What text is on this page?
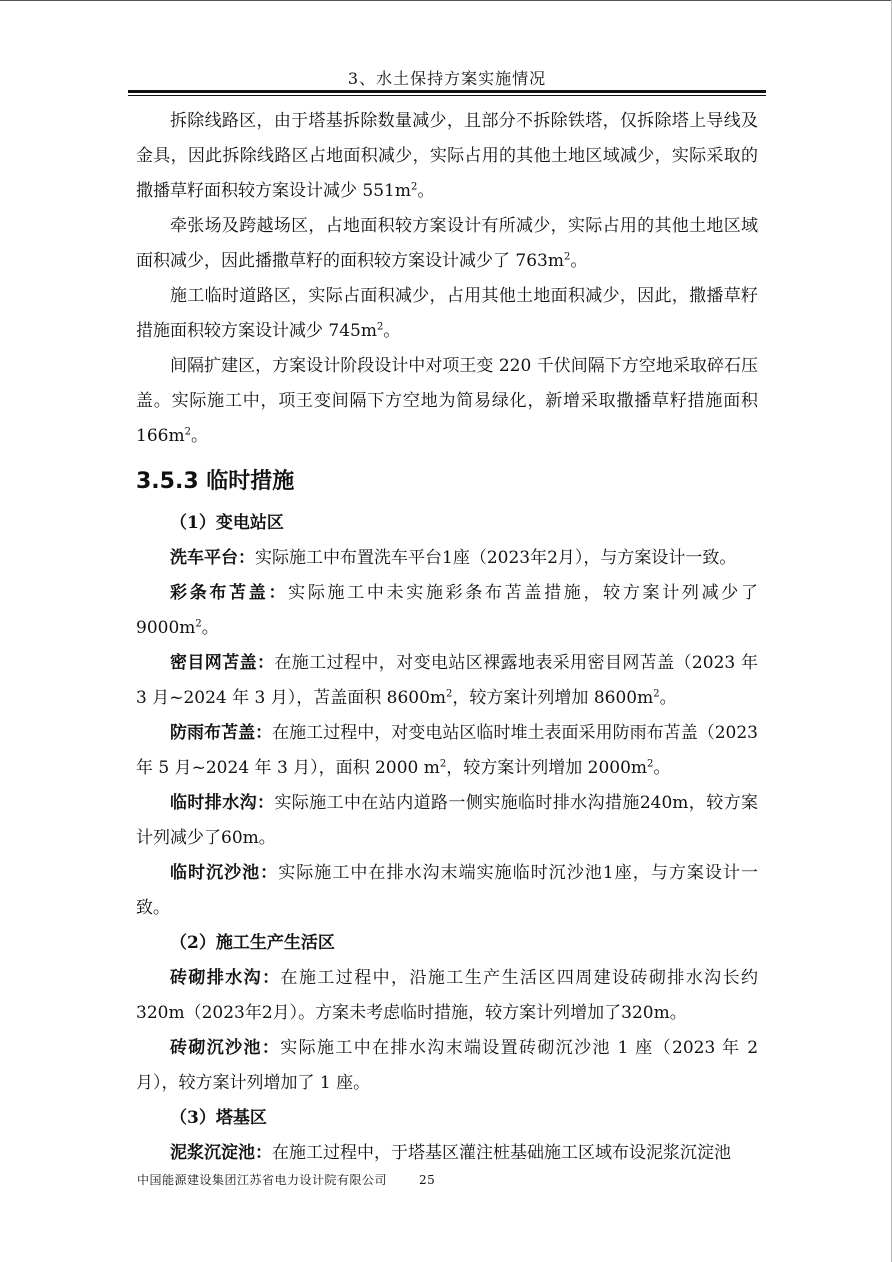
3、水土保持方案实施情况

拆除线路区，由于塔基拆除数量减少，且部分不拆除铁塔，仅拆除塔上导线及金具，因此拆除线路区占地面积减少，实际占用的其他土地区域减少，实际采取的撒播草籽面积较方案设计减少 $551m^2$。

牵张场及跨越场区，占地面积较方案设计有所减少，实际占用的其他土地区域面积减少，因此播撒草籽的面积较方案设计减少了 $763m^2$。

施工临时道路区，实际占面积减少，占用其他土地面积减少，因此，撒播草籽措施面积较方案设计减少 $745m^2$。

间隔扩建区，方案设计阶段设计中对项王变 220 千伏间隔下方空地采取碎石压盖。实际施工中，项王变间隔下方空地为简易绿化，新增采取撒播草籽措施面积 $166m^2$。

3.5.3 临时措施
（1）变电站区

洗车平台：实际施工中布置洗车平台1座（2023年2月），与方案设计一致。

彩条布苫盖：实际施工中未实施彩条布苫盖措施，较方案计列减少了$9000m^2$。

密目网苫盖：在施工过程中，对变电站区裸露地表采用密目网苫盖（2023 年 3 月~2024 年 3 月），苫盖面积 $8600m^2$，较方案计列增加 $8600m^2$。

防雨布苫盖：在施工过程中，对变电站区临时堆土表面采用防雨布苫盖（2023 年 5 月~2024 年 3 月），面积 2000 $m^2$，较方案计列增加 $2000m^2$。

临时排水沟：实际施工中在站内道路一侧实施临时排水沟措施240m，较方案计列减少了60m。

临时沉沙池：实际施工中在排水沟末端实施临时沉沙池1座，与方案设计一致。

（2）施工生产生活区

砖砌排水沟：在施工过程中，沿施工生产生活区四周建设砖砌排水沟长约320m（2023年2月）。方案未考虑临时措施，较方案计列增加了320m。

砖砌沉沙池：实际施工中在排水沟末端设置砖砌沉沙池 1 座（2023 年 2 月），较方案计列增加了 1 座。

（3）塔基区

泥浆沉淀池：在施工过程中，于塔基区灌注桩基础施工区域布设泥浆沉淀池

中国能源建设集团江苏省电力设计院有限公司	25
